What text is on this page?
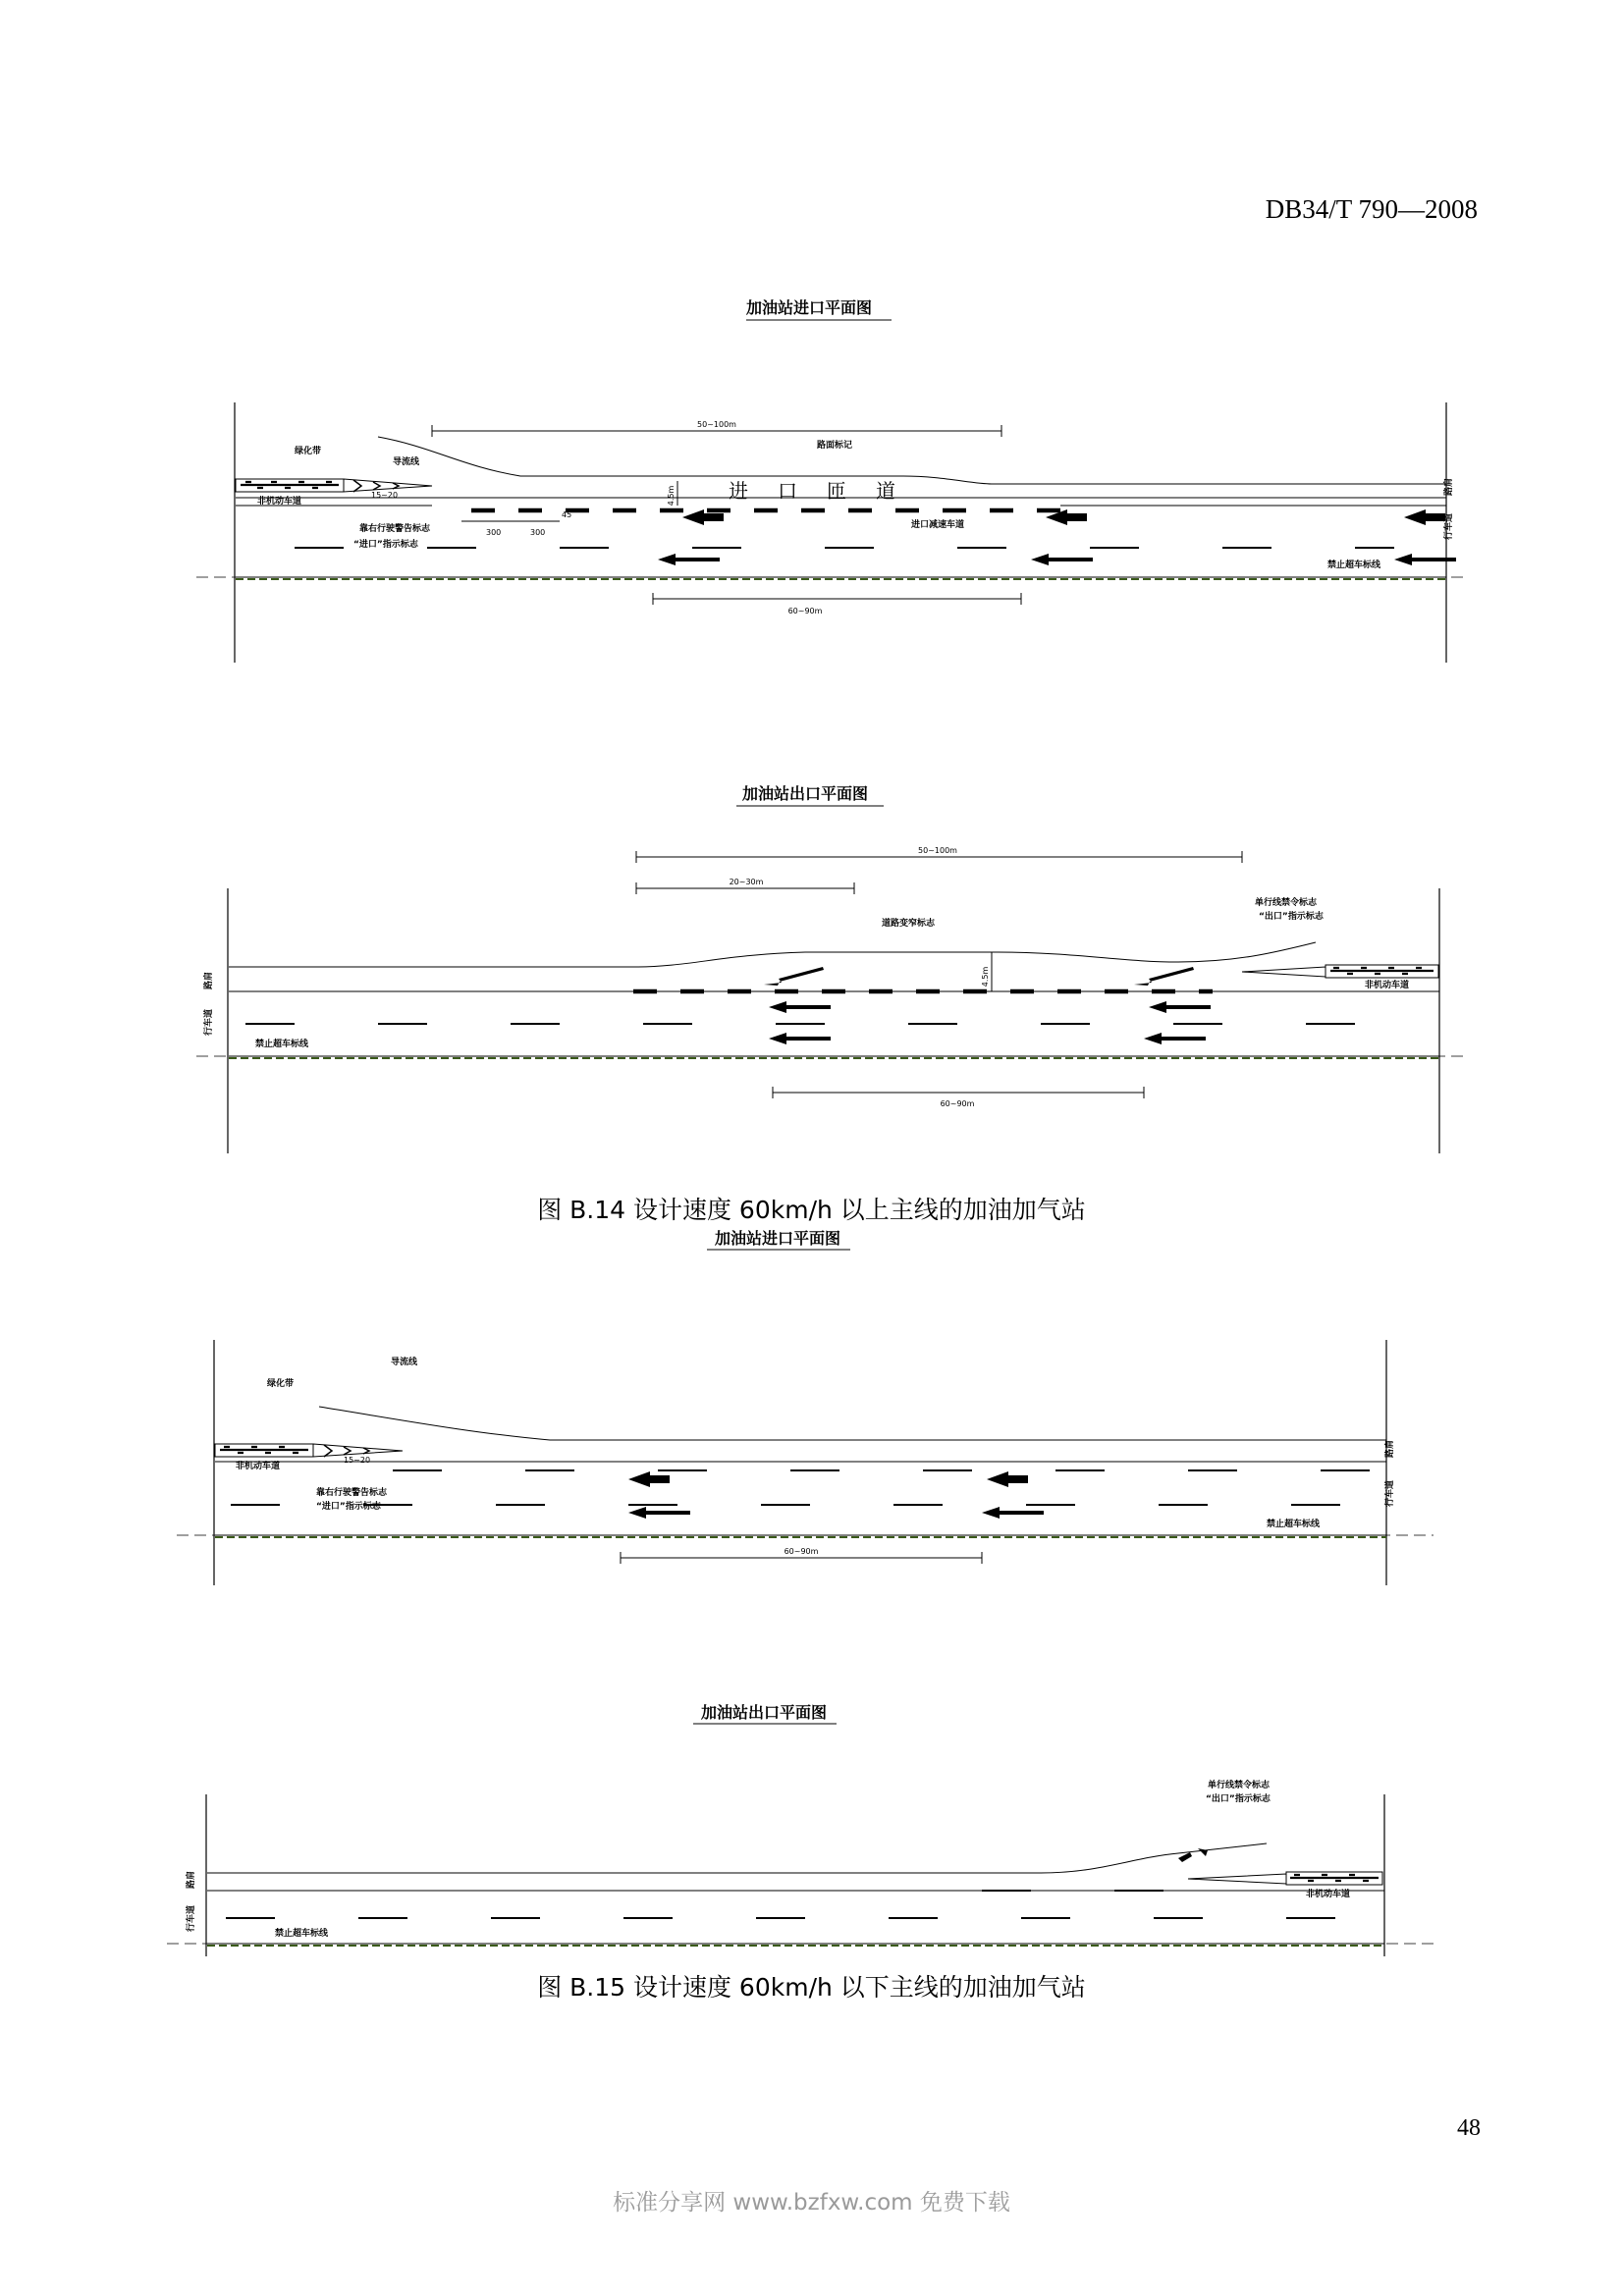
DB34/T 790—2008
加油站进口平面图
50~100m
60~90m
4.5m
300	300
45
进口匝道
绿化带
导流线
15~20
非机动车道
靠右行驶警告标志
“进口”指示标志
路面标记
进口减速车道
禁止超车标线
路肩
行车道
加油站出口平面图
50~100m
20~30m
60~90m
4.5m
道路变窄标志
单行线禁令标志
“出口”指示标志
非机动车道
禁止超车标线
路肩
行车道
图 B.14 设计速度 60km/h 以上主线的加油加气站
加油站进口平面图
60~90m
绿化带
导流线
15~20
非机动车道
靠右行驶警告标志
“进口”指示标志
禁止超车标线
路肩
行车道
加油站出口平面图
单行线禁令标志
“出口”指示标志
非机动车道
禁止超车标线
路肩
行车道
图 B.15 设计速度 60km/h 以下主线的加油加气站
48
标准分享网 www.bzfxw.com 免费下载
